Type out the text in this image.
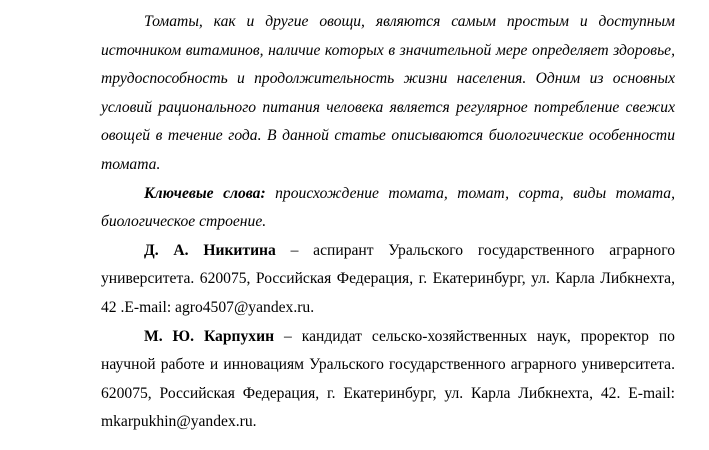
Томаты, как и другие овощи, являются самым простым и доступным источником витаминов, наличие которых в значительной мере определяет здоровье, трудоспособность и продолжительность жизни населения. Одним из основных условий рационального питания человека является регулярное потребление свежих овощей в течение года. В данной статье описываются биологические особенности томата.

Ключевые слова: происхождение томата, томат, сорта, виды томата, биологическое строение.

Д. А. Никитина – аспирант Уральского государственного аграрного университета. 620075, Российская Федерация, г. Екатеринбург, ул. Карла Либкнехта, 42 .E-mail: agro4507@yandex.ru.

М. Ю. Карпухин – кандидат сельско-хозяйственных наук, проректор по научной работе и инновациям Уральского государственного аграрного университета. 620075, Российская Федерация, г. Екатеринбург, ул. Карла Либкнехта, 42. E-mail: mkarpukhin@yandex.ru.
